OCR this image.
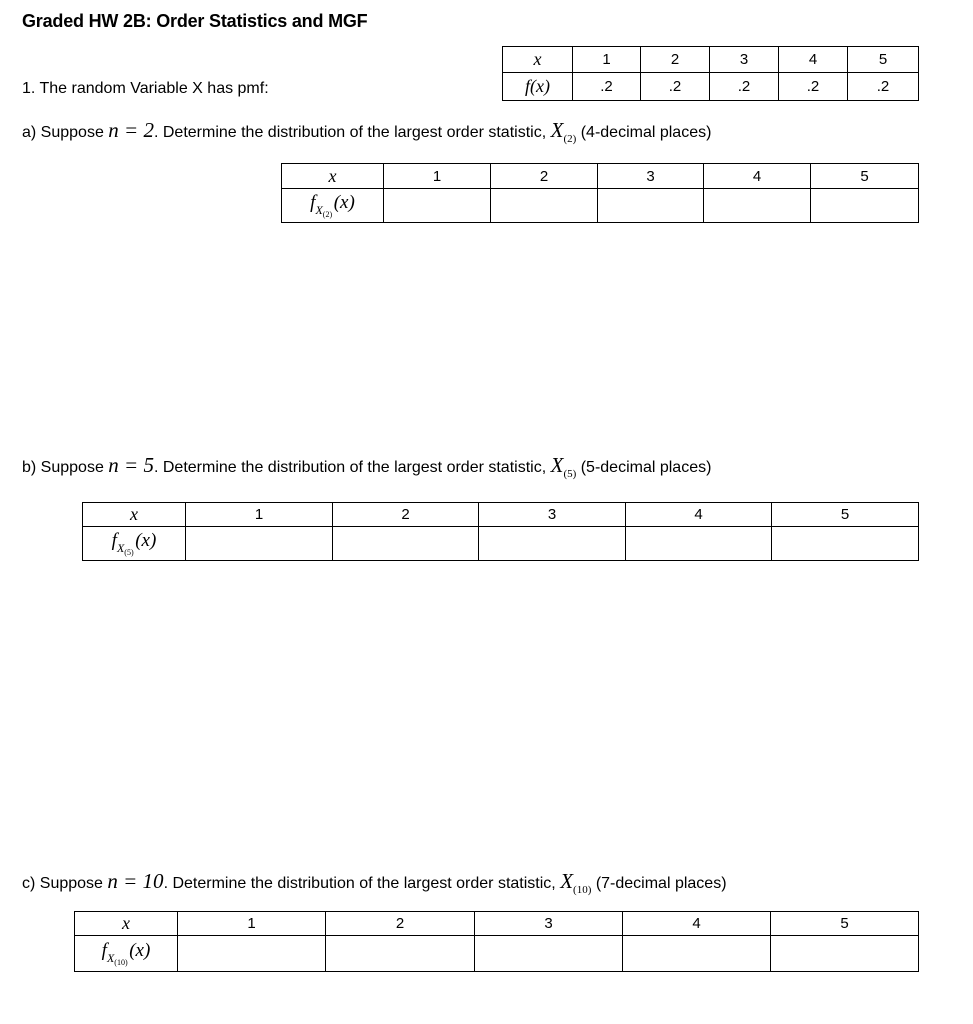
Graded HW 2B: Order Statistics and MGF
x	1	2	3	4	5
f(x)	.2	.2	.2	.2	.2
1. The random Variable X has pmf:
a) Suppose n = 2. Determine the distribution of the largest order statistic, $X_{(2)}$ (4-decimal places)
x	1	2	3	4	5
$f_{X_{(2)}}$ (x)					
b) Suppose n = 5. Determine the distribution of the largest order statistic, $X_{(5)}$ (5-decimal places)
x	1	2	3	4	5
$f_{X_{(5)}}$ (x)					
c) Suppose n = 10. Determine the distribution of the largest order statistic, $X_{(10)}$ (7-decimal places)
x	1	2	3	4	5
$f_{X_{(10)}}$ (x)					
